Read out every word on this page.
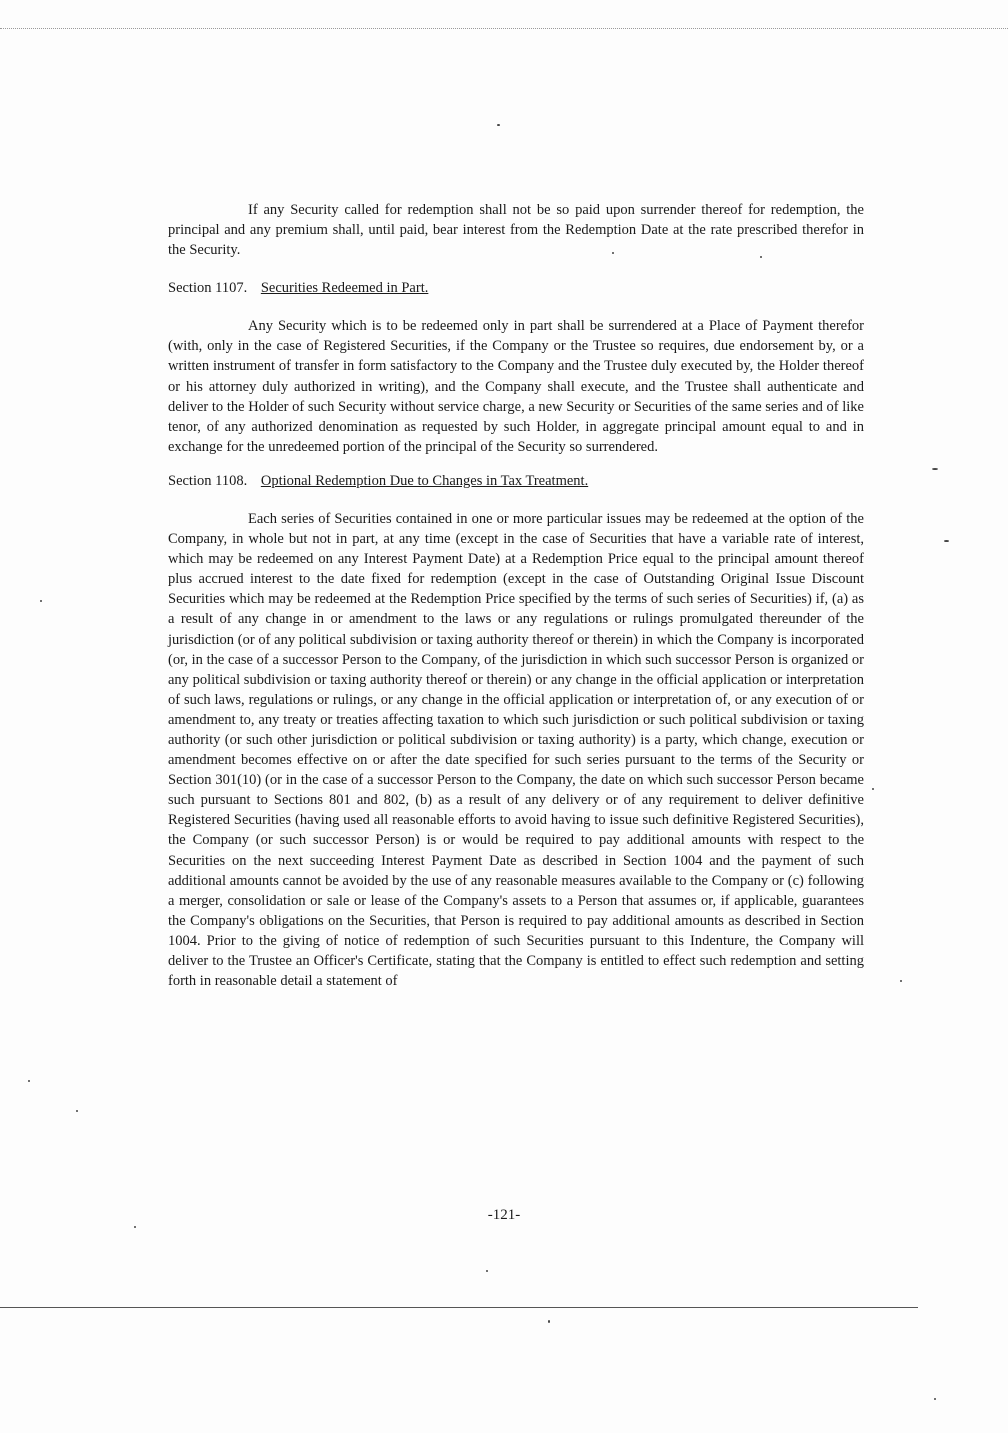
If any Security called for redemption shall not be so paid upon surrender thereof for redemption, the principal and any premium shall, until paid, bear interest from the Redemption Date at the rate prescribed therefor in the Security.

Section 1107. Securities Redeemed in Part.

Any Security which is to be redeemed only in part shall be surrendered at a Place of Payment therefor (with, only in the case of Registered Securities, if the Company or the Trustee so requires, due endorsement by, or a written instrument of transfer in form satisfactory to the Company and the Trustee duly executed by, the Holder thereof or his attorney duly authorized in writing), and the Company shall execute, and the Trustee shall authenticate and deliver to the Holder of such Security without service charge, a new Security or Securities of the same series and of like tenor, of any authorized denomination as requested by such Holder, in aggregate principal amount equal to and in exchange for the unredeemed portion of the principal of the Security so surrendered.

Section 1108. Optional Redemption Due to Changes in Tax Treatment.

Each series of Securities contained in one or more particular issues may be redeemed at the option of the Company, in whole but not in part, at any time (except in the case of Securities that have a variable rate of interest, which may be redeemed on any Interest Payment Date) at a Redemption Price equal to the principal amount thereof plus accrued interest to the date fixed for redemption (except in the case of Outstanding Original Issue Discount Securities which may be redeemed at the Redemption Price specified by the terms of such series of Securities) if, (a) as a result of any change in or amendment to the laws or any regulations or rulings promulgated thereunder of the jurisdiction (or of any political subdivision or taxing authority thereof or therein) in which the Company is incorporated (or, in the case of a successor Person to the Company, of the jurisdiction in which such successor Person is organized or any political subdivision or taxing authority thereof or therein) or any change in the official application or interpretation of such laws, regulations or rulings, or any change in the official application or interpretation of, or any execution of or amendment to, any treaty or treaties affecting taxation to which such jurisdiction or such political subdivision or taxing authority (or such other jurisdiction or political subdivision or taxing authority) is a party, which change, execution or amendment becomes effective on or after the date specified for such series pursuant to the terms of the Security or Section 301(10) (or in the case of a successor Person to the Company, the date on which such successor Person became such pursuant to Sections 801 and 802, (b) as a result of any delivery or of any requirement to deliver definitive Registered Securities (having used all reasonable efforts to avoid having to issue such definitive Registered Securities), the Company (or such successor Person) is or would be required to pay additional amounts with respect to the Securities on the next succeeding Interest Payment Date as described in Section 1004 and the payment of such additional amounts cannot be avoided by the use of any reasonable measures available to the Company or (c) following a merger, consolidation or sale or lease of the Company's assets to a Person that assumes or, if applicable, guarantees the Company's obligations on the Securities, that Person is required to pay additional amounts as described in Section 1004. Prior to the giving of notice of redemption of such Securities pursuant to this Indenture, the Company will deliver to the Trustee an Officer's Certificate, stating that the Company is entitled to effect such redemption and setting forth in reasonable detail a statement of

-121-
